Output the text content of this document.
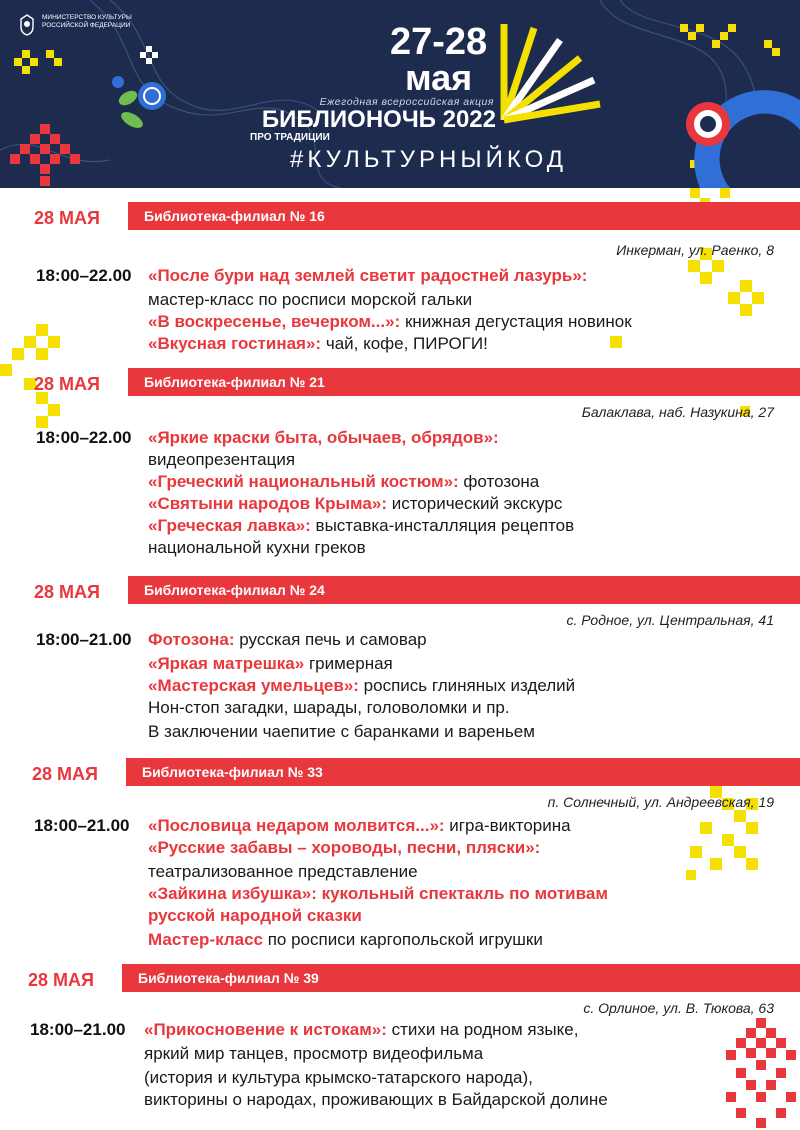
МИНИСТЕРСТВО КУЛЬТУРЫ РОССИЙСКОЙ ФЕДЕРАЦИИ	27-28
мая
Ежегодная всероссийская акция
БИБЛИОНОЧЬ 2022
ПРО ТРАДИЦИИ
#КУЛЬТУРНЫЙКОД
28 МАЯ	Библиотека-филиал № 16
Инкерман, ул. Раенко, 8
18:00–22.00 «После бури над землей светит радостней лазурь»:
мастер-класс по росписи морской гальки
«В воскресенье, вечерком...»: книжная дегустация новинок
«Вкусная гостиная»: чай, кофе, ПИРОГИ!
28 МАЯ	Библиотека-филиал № 21
Балаклава, наб. Назукина, 27
18:00–22.00 «Яркие краски быта, обычаев, обрядов»:
видеопрезентация
«Греческий национальный костюм»: фотозона
«Святыни народов Крыма»: исторический экскурс
«Греческая лавка»: выставка-инсталляция рецептов
национальной кухни греков
28 МАЯ	Библиотека-филиал № 24
с. Родное, ул. Центральная, 41
18:00–21.00 Фотозона: русская печь и самовар
«Яркая матрешка» гримерная
«Мастерская умельцев»: роспись глиняных изделий
Нон-стоп загадки, шарады, головоломки и пр.
В заключении чаепитие с баранками и вареньем
28 МАЯ	Библиотека-филиал № 33
п. Солнечный, ул. Андреевская, 19
18:00–21.00 «Пословица недаром молвится...»: игра-викторина
«Русские забавы – хороводы, песни, пляски»:
театрализованное представление
«Зайкина избушка»: кукольный спектакль по мотивам
русской народной сказки
Мастер-класс по росписи каргопольской игрушки
28 МАЯ	Библиотека-филиал № 39
с. Орлиное, ул. В. Тюкова, 63
18:00–21.00 «Прикосновение к истокам»: стихи на родном языке,
яркий мир танцев, просмотр видеофильма
(история и культура крымско-татарского народа),
викторины о народах, проживающих в Байдарской долине
